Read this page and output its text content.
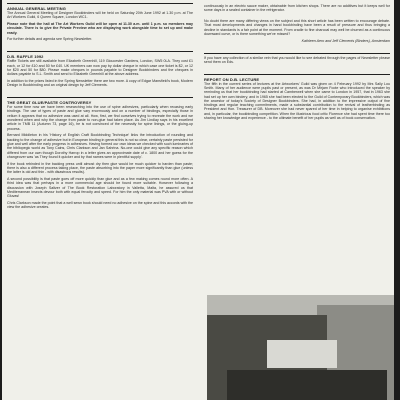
ANNUAL GENERAL MEETING

The Annual General Meeting of Designer Bookbinders will be held on Saturday 20th June 1992 at 1.30 p.m. at The Art Workers Guild, 6 Queen Square, London WC1.

Please note that the hall at The Art Workers Guild will be open at 11.30 a.m. until 1 p.m. so members may circulate. There is to give the Private Preview who are displaying work alongside time to set up and make ready.

For further details and agenda see Spring Newsletter.

D.B. RAFFLE 1992

Raffle Tickets are still available from Elizabeth Greenhill, 119 Gloucester Gardens, London, SW5 0LA. They cost £1 each, or 12 for £10 and 50 for £40. UK members can now pay by dollar cheque in which case one ticket is $2, or 12 for $20 and 50 for $80. Please make cheques in pounds payable to Designer Bookbinders and the cheques in dollars payable to S.L. Smith and send to Elizabeth Greenhill at the above address.

In addition to the prizes listed in the Spring Newsletter there are two more. A copy of Edgar Mansfield's book, Modern Design in Bookbinding and an original design by Jeff Clements.

THE GREAT GLUE/PASTE CONTROVERSY

For some time now we have been researching into the use of spine adhesives, particularly when recasing early bindings. The use of types of paste and glue vary enormously and on a number of bindings, especially those in vellum it appears that no adhesive was used at all. How, first, we find ourselves trying to recreate the work and we wondered when and why the change from paste to non-glue had taken place. As Jim Lindlay says in his excellent article in TMB 11 (Autumn 73, page 16), he is not convinced of the necessity for spine linings, or the gluing-up process.

Bernard Middleton in his 'History of English Craft Bookbinding Technique' links the introduction of rounding and backing to the change of adhesive but in European binding in general this is not so clear, certainly paste persisted for glue and well after the early progress in adhesives. Having formed our own ideas we checked with such luminaries of the bibliopegic world as Tony Cains, Chris Clarkson and Jan Sahrina. No-one could give any specific reason which differed from our own though Dorothy Harrop in a letter gives an approximate date of c. 1800 and her guess for the changeover was 'as They found it quicker and by that names were in plentiful supply'.

If the book rebinded in the backing press until almost dry then glue would be much quicker to harden than paste; there is also a different process taking place, the paste absorbing into the paper more significantly than glue (unless the latter is old and thin - with disastrous results).

A second possibility is that paste goes off more quickly than glue and as a few making comes round more often. A third idea was that perhaps in a more commercial age should be found more suitable. However following a discussion with Joseph Saltzer of The Book Restoration Laboratory in Valletta, Malta, he assured us that Mediterranean insects devour both with equal ferocity and speed. For him the only material was PVA with or without Gluvas!

Chris Clarkson made the point that a well sewn book should need no adhesive on the spine and this accords with the view the adhesive creates.

continuously in an electric sauce maker, obtainable from kitchen shops. There are no additives but it keeps well for some days in a sealed container in the refrigerator.

No doubt there are many differing views on the subject and this short article has been written to encourage debate. That most developments and changes in hand bookbinding have been a result of pressure and thus bringing a decline in standards is a fair point at the moment. From cradle to fine charcoal may well be churned as a continuous downward curve, or is there something we've missed?

Kathleen Aero and Jeff Clements (Binders), Amsterdam

If you have any collection of a similar vein that you would like to see debated through the pages of Newsletter please send them on Eds.

REPORT ON D.B. LECTURE

The fifth in the current series of lectures at the Artworkers' Guild was given on 4 February 1992 by Mrs Sally Lou Smith. Many of her audience were pupils past or present, as was Dr Mirjam Foote who introduced the speaker by reminding us that her bookbinding had started at Camberwell when she came to London in 1957, that in 1963 she had set up her own bindery, and in 1965 she had been elected to the Guild of Contemporary Bookbinders, which was the ancestor of today's Society of Designer Bookbinders. She had, in addition to the impressive output of fine bindings and regular teaching commitments, made a substantial contribution to the revival of leatherbinding as President and Hon. Treasurer of DB. Moreover she had never spared of her time in helping to organise exhibitions and, in particular, the bookbinding competition. When the illustrious food critic Florence she had spent time there too sharing her knowledge and experience - to the ultimate benefit of her pupils as well as of book conservation.
